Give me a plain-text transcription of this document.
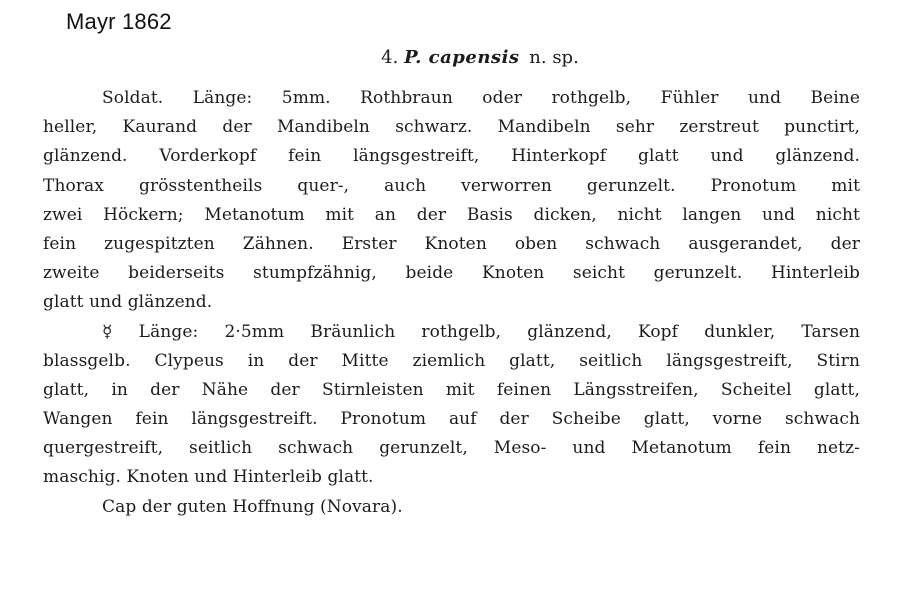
Mayr 1862
4. P. capensis n. sp.
Soldat. Länge: 5mm. Rothbraun oder rothgelb, Fühler und Beine
heller, Kaurand der Mandibeln schwarz. Mandibeln sehr zerstreut punctirt,
glänzend. Vorderkopf fein längsgestreift, Hinterkopf glatt und glänzend.
Thorax grösstentheils quer-, auch verworren gerunzelt. Pronotum mit
zwei Höckern; Metanotum mit an der Basis dicken, nicht langen und nicht
fein zugespitzten Zähnen. Erster Knoten oben schwach ausgerandet, der
zweite beiderseits stumpfzähnig, beide Knoten seicht gerunzelt. Hinterleib
glatt und glänzend.
☿ Länge: 2·5mm Bräunlich rothgelb, glänzend, Kopf dunkler, Tarsen
blassgelb. Clypeus in der Mitte ziemlich glatt, seitlich längsgestreift, Stirn
glatt, in der Nähe der Stirnleisten mit feinen Längsstreifen, Scheitel glatt,
Wangen fein längsgestreift. Pronotum auf der Scheibe glatt, vorne schwach
quergestreift, seitlich schwach gerunzelt, Meso- und Metanotum fein netz-
maschig. Knoten und Hinterleib glatt.
Cap der guten Hoffnung (Novara).
